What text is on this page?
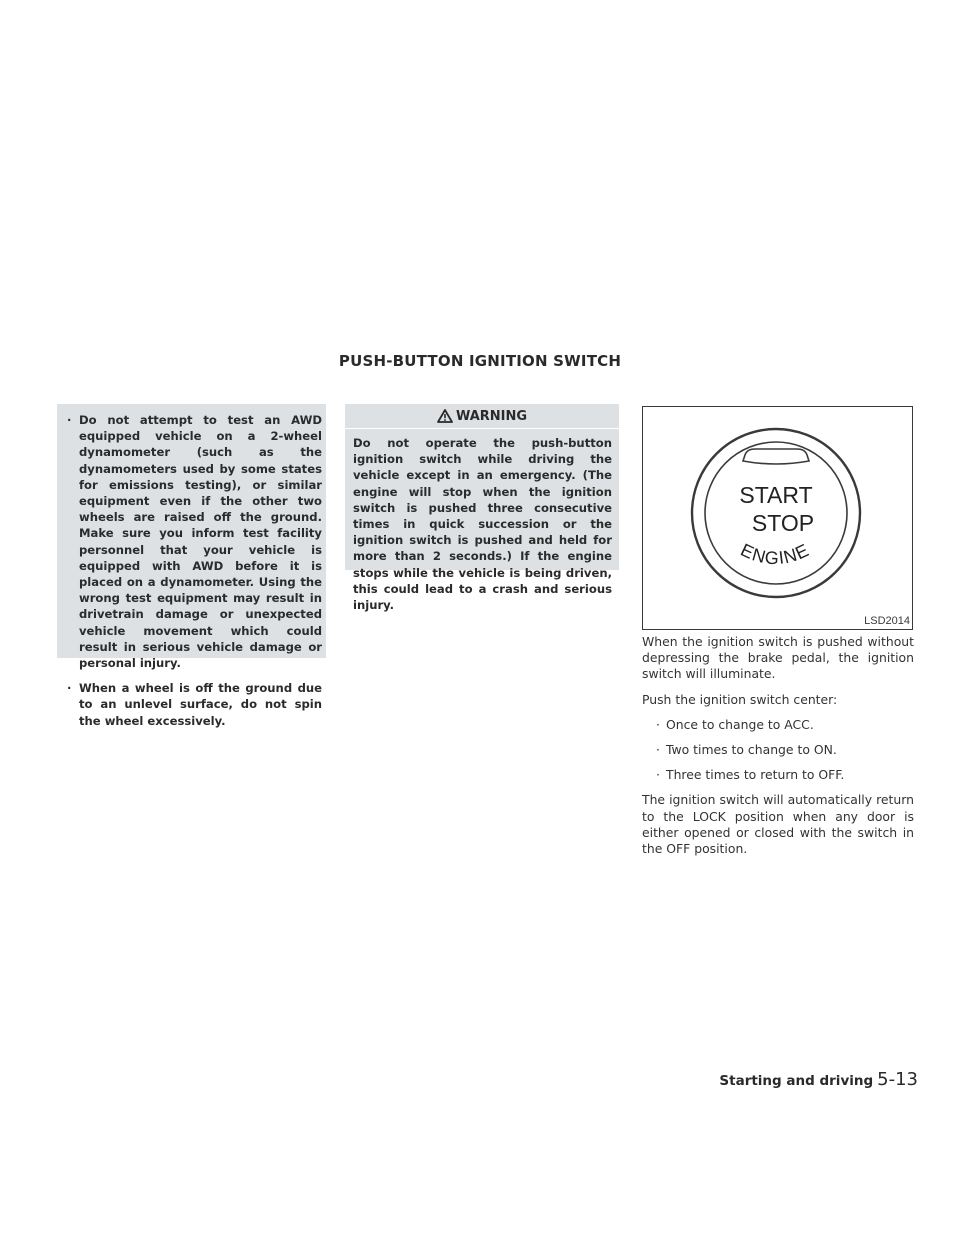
PUSH-BUTTON IGNITION SWITCH
· Do not attempt to test an AWD equipped vehicle on a 2-wheel dynamometer (such as the dynamometers used by some states for emissions testing), or similar equipment even if the other two wheels are raised off the ground. Make sure you inform test facility personnel that your vehicle is equipped with AWD before it is placed on a dynamometer. Using the wrong test equipment may result in drivetrain damage or unexpected vehicle movement which could result in serious vehicle damage or personal injury.
· When a wheel is off the ground due to an unlevel surface, do not spin the wheel excessively.
WARNING
Do not operate the push-button ignition switch while driving the vehicle except in an emergency. (The engine will stop when the ignition switch is pushed three consecutive times in quick succession or the ignition switch is pushed and held for more than 2 seconds.) If the engine stops while the vehicle is being driven, this could lead to a crash and serious injury.
START
STOP
ENGINE
LSD2014

When the ignition switch is pushed without depressing the brake pedal, the ignition switch will illuminate.

Push the ignition switch center:

· Once to change to ACC.
· Two times to change to ON.
· Three times to return to OFF.

The ignition switch will automatically return to the LOCK position when any door is either opened or closed with the switch in the OFF position.

Starting and driving 5-13
